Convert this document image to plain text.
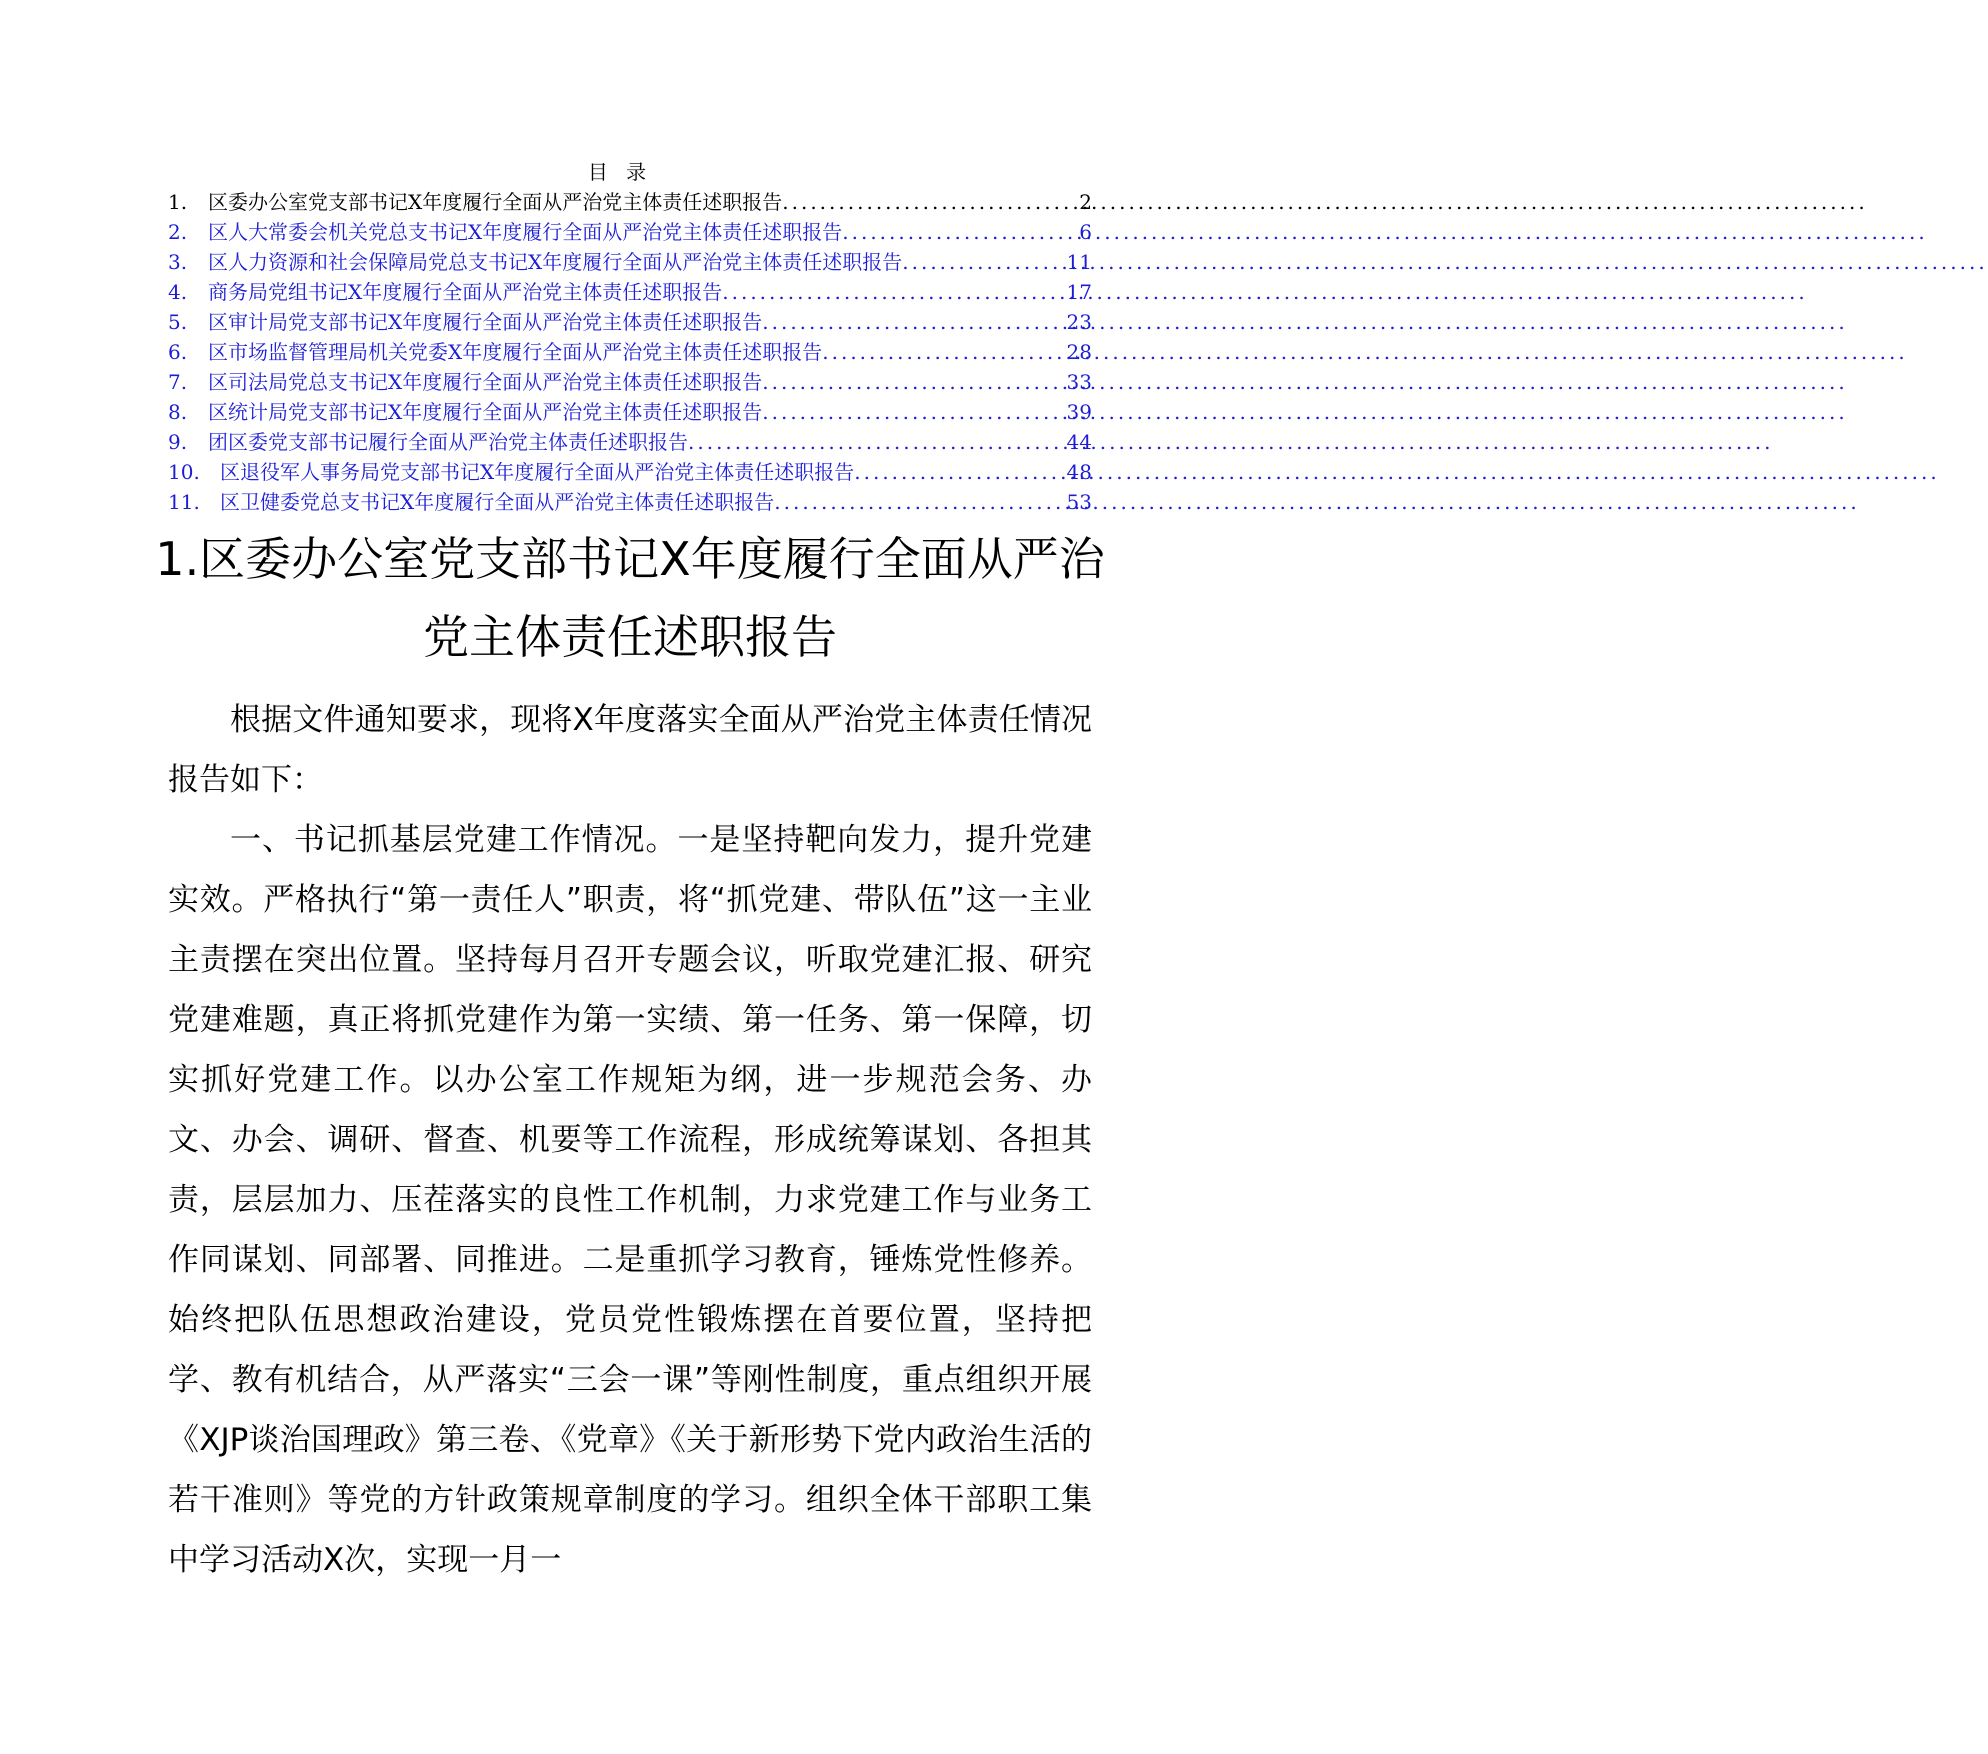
目 录
1.	区委办公室党支部书记X年度履行全面从严治党主体责任述职报告 .....	2
2.	区人大常委会机关党总支书记X年度履行全面从严治党主体责任述职报告 .....	6
3.	区人力资源和社会保障局党总支书记X年度履行全面从严治党主体责任述职报告 .....	11
4.	商务局党组书记X年度履行全面从严治党主体责任述职报告 .....	17
5.	区审计局党支部书记X年度履行全面从严治党主体责任述职报告 .....	23
6.	区市场监督管理局机关党委X年度履行全面从严治党主体责任述职报告 .....	28
7.	区司法局党总支书记X年度履行全面从严治党主体责任述职报告 .....	33
8.	区统计局党支部书记X年度履行全面从严治党主体责任述职报告 .....	39
9.	团区委党支部书记履行全面从严治党主体责任述职报告 .....	44
10.	区退役军人事务局党支部书记X年度履行全面从严治党主体责任述职报告 .....	48
11.	区卫健委党总支书记X年度履行全面从严治党主体责任述职报告 .....	53
1.区委办公室党支部书记X年度履行全面从严治党主体责任述职报告

根据文件通知要求，现将X年度落实全面从严治党主体责任情况报告如下：

一、书记抓基层党建工作情况。一是坚持靶向发力，提升党建实效。严格执行“第一责任人”职责，将“抓党建、带队伍”这一主业主责摆在突出位置。坚持每月召开专题会议，听取党建汇报、研究党建难题，真正将抓党建作为第一实绩、第一任务、第一保障，切实抓好党建工作。以办公室工作规矩为纲，进一步规范会务、办文、办会、调研、督查、机要等工作流程，形成统筹谋划、各担其责，层层加力、压茬落实的良性工作机制，力求党建工作与业务工作同谋划、同部署、同推进。二是重抓学习教育，锤炼党性修养。始终把队伍思想政治建设，党员党性锻炼摆在首要位置，坚持把学、教有机结合，从严落实“三会一课”等刚性制度，重点组织开展《XJP谈治国理政》第三卷、《党章》《关于新形势下党内政治生活的若干准则》等党的方针政策规章制度的学习。组织全体干部职工集中学习活动X次，实现一月一
